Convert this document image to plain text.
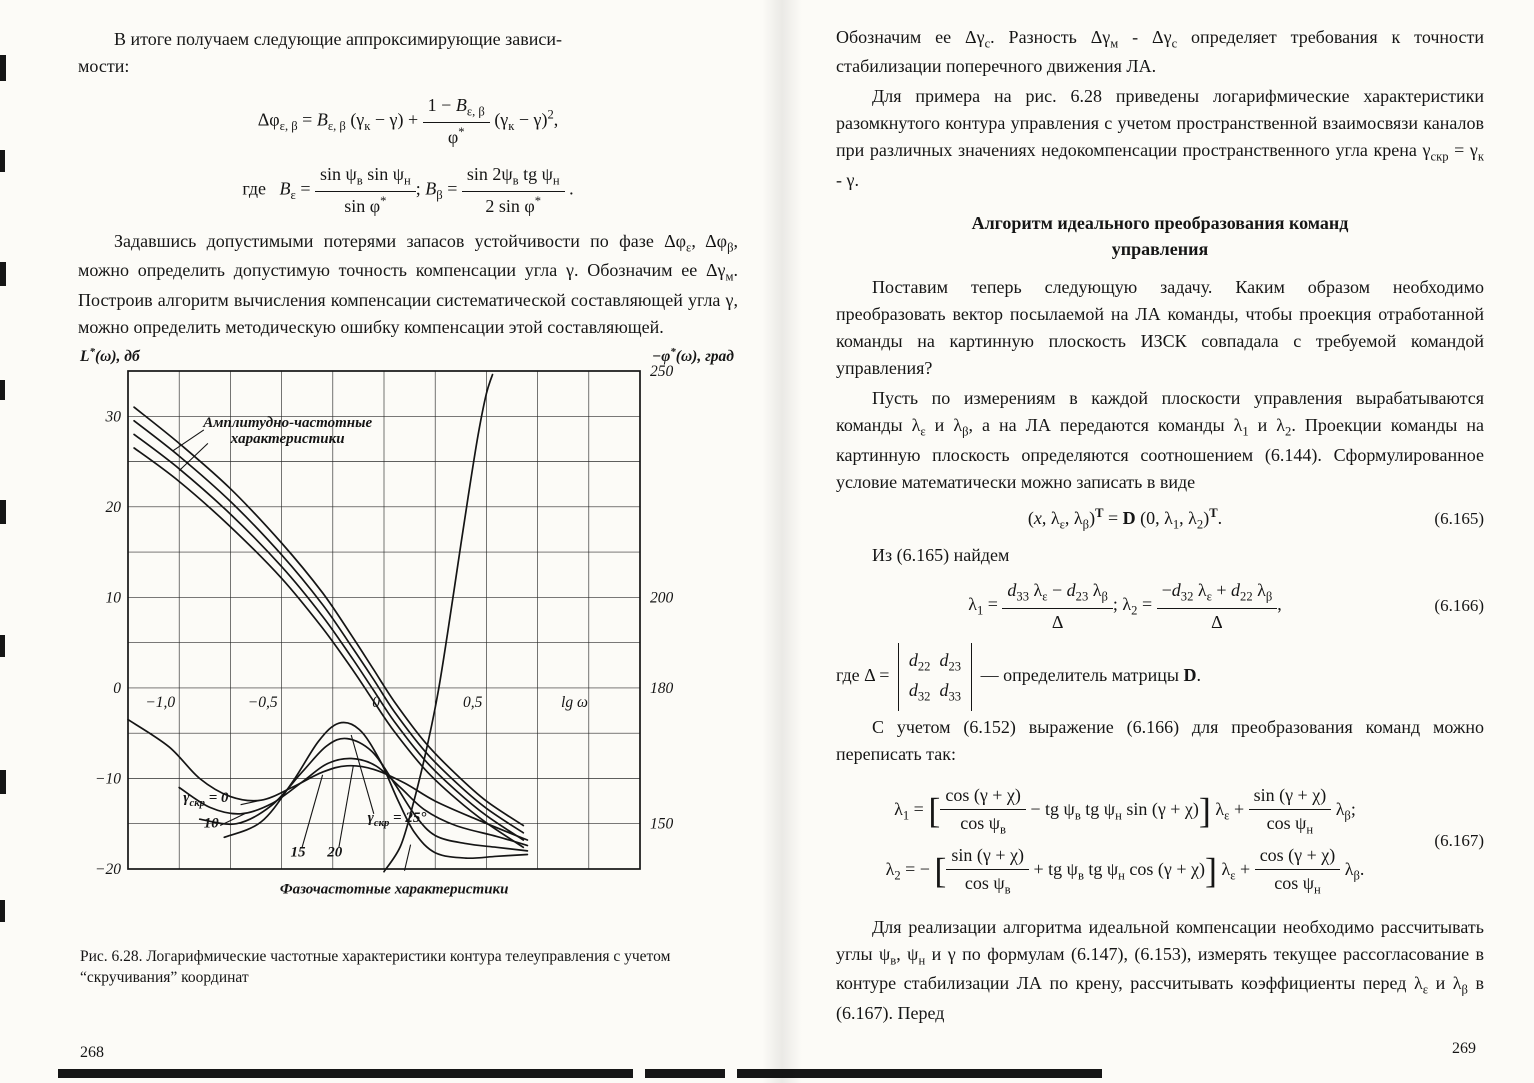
В итоге получаем следующие аппроксимирующие зависи-
мости:

$\Delta\varphi_{\varepsilon, \beta} = B_{\varepsilon, \beta}$ $(\gamma_к - \gamma) + \frac{1 - B_{\varepsilon, \beta}}{\varphi^*} (\gamma_к - \gamma)^2$,
где   $B_\varepsilon = \frac{\sin \psi_в \sin \psi_н}{\sin \varphi^*}$ ; $B_\beta = \frac{\sin 2\psi_в tg \psi_н}{2 \sin \varphi^*}$ .

Задавшись допустимыми потерями запасов устойчивости по фазе $\Delta\varphi_\varepsilon$, $\Delta\varphi_\beta$, можно определить допустимую точность компенсации угла γ. Обозначим ее $\Delta\gamma_м$. Построив алгоритм вычисления компенсации систематической составляющей угла γ, можно определить методическую ошибку компенсации этой составляющей.

30
20
10
0
−10
−20
250
200
180
150
−1,0	−0,5	0	0,5	lg ω
L*(ω), дб	−φ*(ω), град
Амплитудно-частотные характеристики
$\gamma_{скр} = 0$
10
15 20
$\gamma_{скр} = 25^\circ$
Фазочастотные характеристики

Рис. 6.28. Логарифмические частотные характеристики контура телеуправления с учетом “скручивания” координат

268

Обозначим ее $\Delta\gamma_с$. Разность $\Delta\gamma_м - \Delta\gamma_с$ определяет требования к точности стабилизации поперечного движения ЛА.

Для примера на рис. 6.28 приведены логарифмические характеристики разомкнутого контура управления с учетом пространственной взаимосвязи каналов при различных значениях недокомпенсации пространственного угла крена $\gamma_{скр} = \gamma_к - \gamma$.

Алгоритм идеального преобразования команд управления

Поставим теперь следующую задачу. Каким образом необходимо преобразовать вектор посылаемой на ЛА команды, чтобы проекция отработанной команды на картинную плоскость ИЗСК совпадала с требуемой командой управления?

Пусть по измерениям в каждой плоскости управления вырабатываются команды $\lambda_\varepsilon$ и $\lambda_\beta$, а на ЛА передаются команды $\lambda_1$ и $\lambda_2$. Проекции команды на картинную плоскость определяются соотношением (6.144). Сформулированное условие математически можно записать в виде

(x, $\lambda_\varepsilon$, $\lambda_\beta)^Т = D$ (0, $\lambda_1$, $\lambda_2)^Т$.	(6.165)

Из (6.165) найдем

$\lambda_1 = \frac{d_{33} \lambda_\varepsilon - d_{23} \lambda_\beta}{\Delta}$ ; $\lambda_2 = \frac{-d_{32} \lambda_\varepsilon + d_{22} \lambda_\beta}{\Delta}$ ,	(6.166)

где Δ =
$d_{22}$ $d_{23}$
$d_{32}$ $d_{33}$
— определитель матрицы D.

С учетом (6.152) выражение (6.166) для преобразования команд можно переписать так:

$\lambda_1$ = [ $\frac{\cos (\gamma + \chi)}{\cos \psi_в}$ − tg $\psi_в$ tg $\psi_н$ sin (γ + χ)] $\lambda_\varepsilon + \frac{\sin (\gamma + \chi)}{\cos \psi_н} \lambda_\beta$;
$\lambda_2$ = − [ $\frac{\sin (\gamma + \chi)}{\cos \psi_в}$ + tg $\psi_в$ tg $\psi_н$ cos (γ + χ)] $\lambda_\varepsilon + \frac{\cos (\gamma + \chi)}{\cos \psi_н} \lambda_\beta$.
(6.167)

Для реализации алгоритма идеальной компенсации необходимо рассчитывать углы $\psi_в$, $\psi_н$ и γ по формулам (6.147), (6.153), измерять текущее рассогласование в контуре стабилизации ЛА по крену, рассчитывать коэффициенты перед $\lambda_\varepsilon$ и $\lambda_\beta$ в (6.167). Перед

269
